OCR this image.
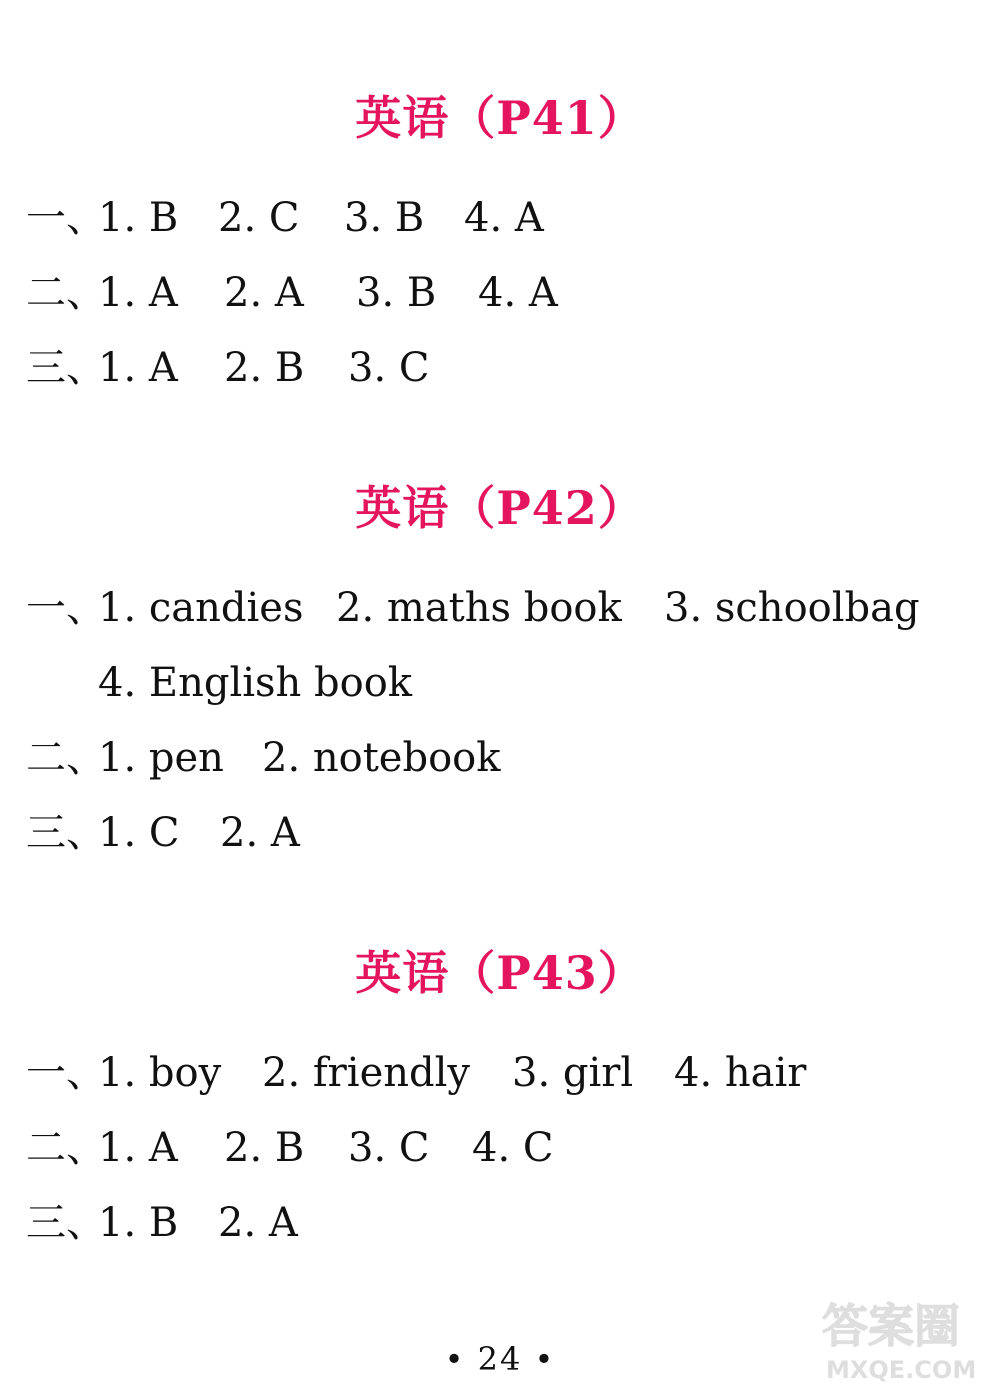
英语（P41）
一、
1. B 2. C 3. B 4. A
二、
1. A 2. A 3. B 4. A
三、
1. A 2. B 3. C
英语（P42）
一、
1. candies 2. maths book 3. schoolbag
4. English book
二、
1. pen 2. notebook
三、
1. C 2. A
英语（P43）
一、
1. boy 2. friendly 3. girl 4. hair
二、
1. A 2. B 3. C 4. C
三、
1. B 2. A
• 24 •
答案圈
MXQE.COM
